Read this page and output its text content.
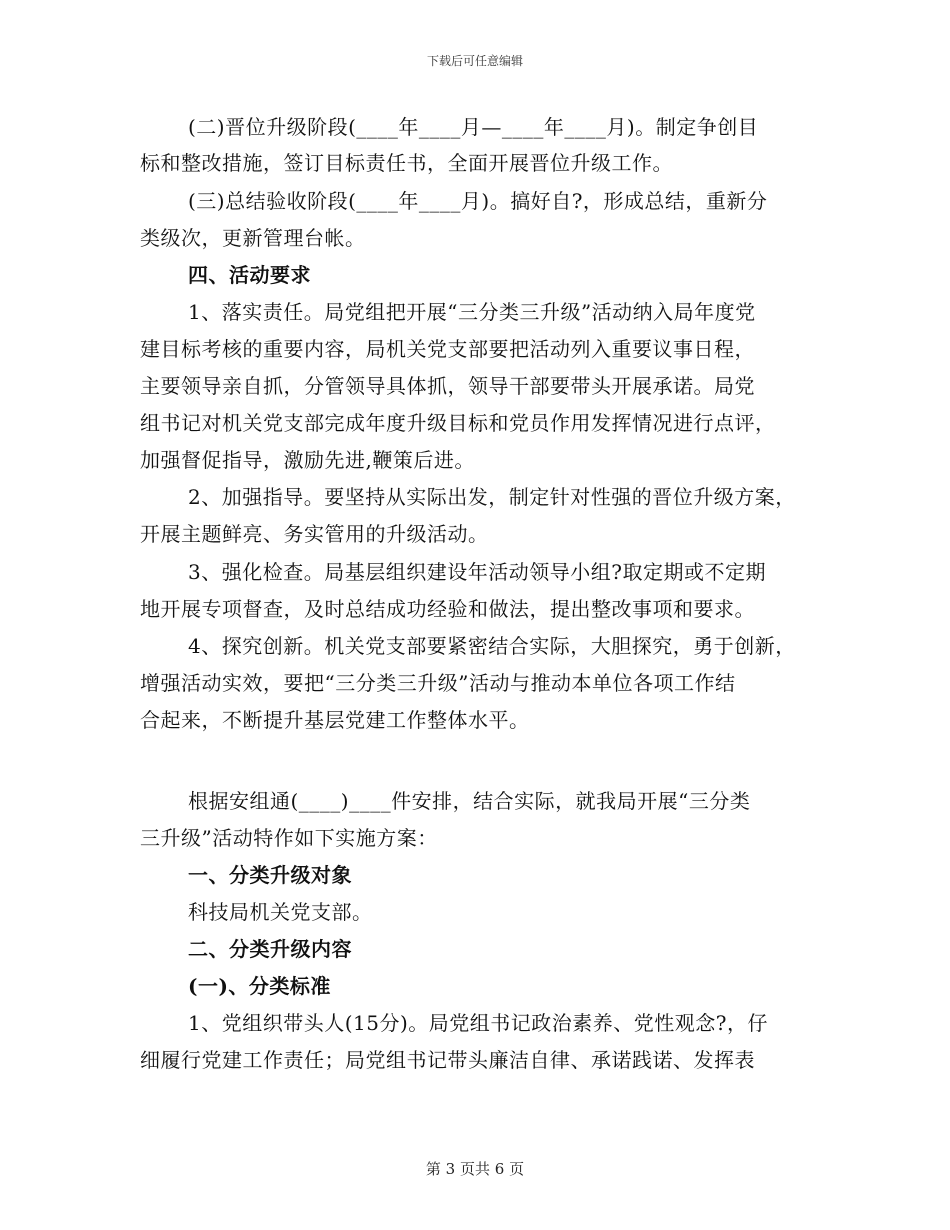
下载后可任意编辑
(二)晋位升级阶段(____年____月—____年____月)。制定争创目
标和整改措施，签订目标责任书，全面开展晋位升级工作。
(三)总结验收阶段(____年____月)。搞好自?，形成总结，重新分
类级次，更新管理台帐。
四、活动要求
1、落实责任。局党组把开展“三分类三升级”活动纳入局年度党
建目标考核的重要内容，局机关党支部要把活动列入重要议事日程，
主要领导亲自抓，分管领导具体抓，领导干部要带头开展承诺。局党
组书记对机关党支部完成年度升级目标和党员作用发挥情况进行点评，
加强督促指导，激励先进,鞭策后进。
2、加强指导。要坚持从实际出发，制定针对性强的晋位升级方案，
开展主题鲜亮、务实管用的升级活动。
3、强化检查。局基层组织建设年活动领导小组?取定期或不定期
地开展专项督查，及时总结成功经验和做法，提出整改事项和要求。
4、探究创新。机关党支部要紧密结合实际，大胆探究，勇于创新，
增强活动实效，要把“三分类三升级”活动与推动本单位各项工作结
合起来，不断提升基层党建工作整体水平。
根据安组通(____)____件安排，结合实际，就我局开展“三分类
三升级”活动特作如下实施方案：
一、分类升级对象
科技局机关党支部。
二、分类升级内容
(一)、分类标准
1、党组织带头人(15分)。局党组书记政治素养、党性观念?，仔
细履行党建工作责任；局党组书记带头廉洁自律、承诺践诺、发挥表
第 3 页共 6 页
